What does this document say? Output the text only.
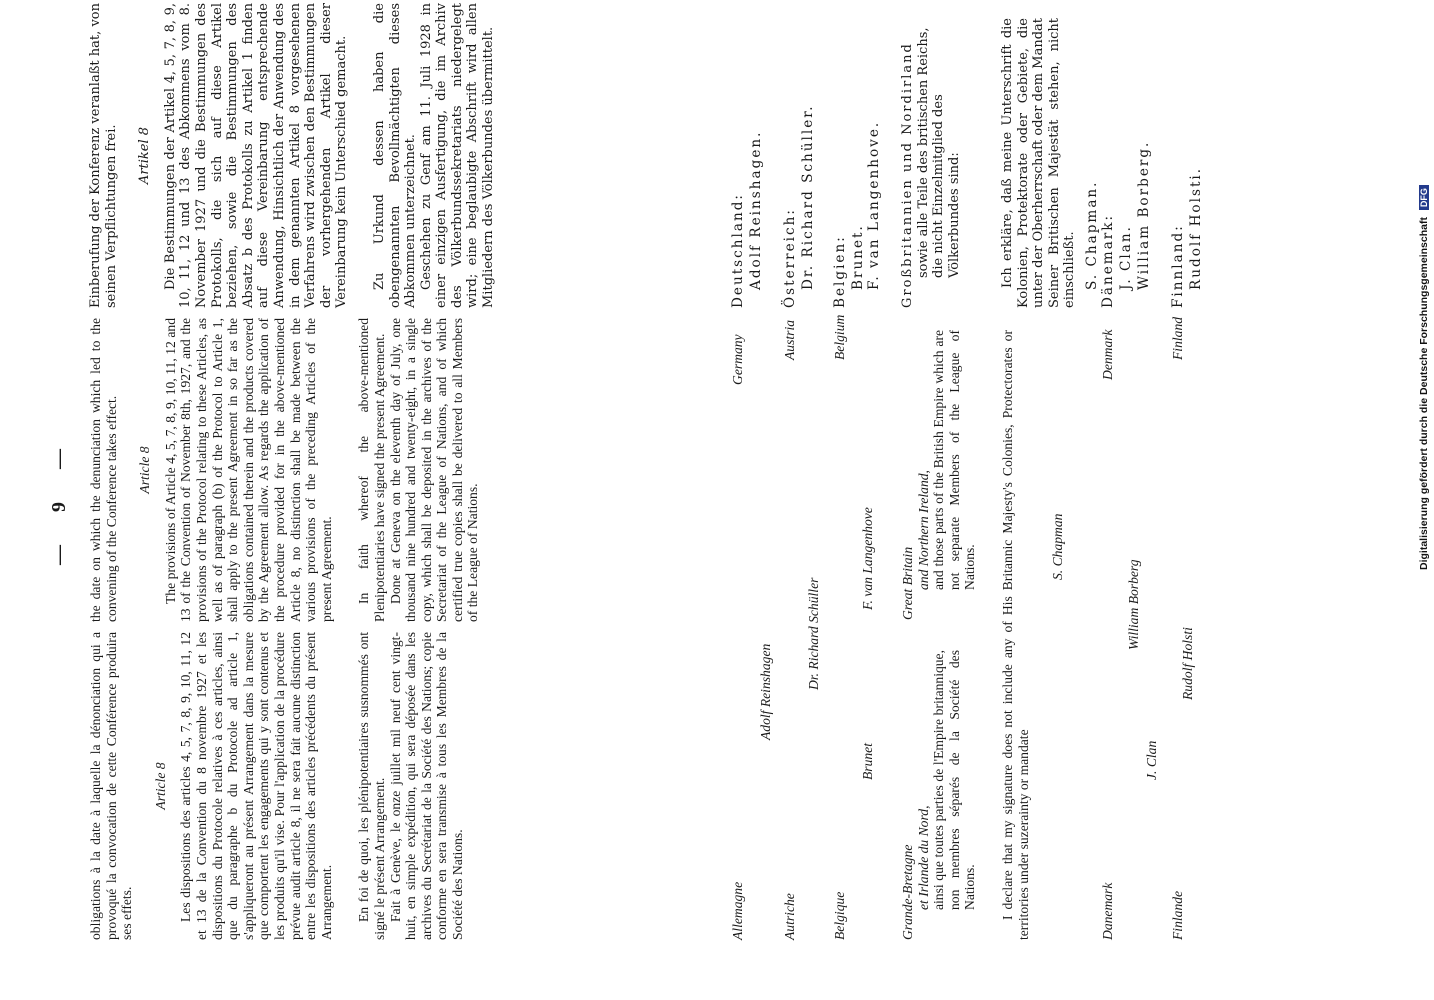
— 9 —

obligations à la date à laquelle la dénonciation qui a provoqué la convocation de cette Conférence produira ses effets.

Article 8 Les dispositions des articles 4, 5, 7, 8, 9, 10, 11, 12 et 13 de la Convention du 8 novembre 1927 et les dispositions du Protocole relatives à ces articles, ainsi que du paragraphe b du Protocole ad article 1, s'appliqueront au présent Arrangement dans la mesure que comportent les engagements qui y sont contenus et les produits qu'il vise. Pour l'application de la procédure prévue audit article 8, il ne sera fait aucune distinction entre les dispositions des articles précédents du présent Arrangement. En foi de quoi, les plénipotentiaires susnommés ont signé le présent Arrangement. Fait à Genève, le onze juillet mil neuf cent vingt-huit, en simple expédition, qui sera déposée dans les archives du Secrétariat de la Société des Nations; copie conforme en sera transmise à tous les Membres de la Société des Nations.

the date on which the denunciation which led to the convening of the Conference takes effect. Article 8 The provisions of Article 4, 5, 7, 8, 9, 10, 11, 12 and 13 of the Convention of November 8th, 1927, and the provisions of the Protocol relating to these Articles, as well as of paragraph (b) of the Protocol to Article 1, shall apply to the present Agreement in so far as the obligations contained therein and the products covered by the Agreement allow. As regards the application of the procedure provided for in the above-mentioned Article 8, no distinction shall be made between the various provisions of the preceding Articles of the present Agreement. In faith whereof the above-mentioned Plenipotentiaries have signed the present Agreement. Done at Geneva on the eleventh day of July, one thousand nine hundred and twenty-eight, in a single copy, which shall be deposited in the archives of the Secretariat of the League of Nations, and of which certified true copies shall be delivered to all Members of the League of Nations.

Einberufung der Konferenz veranlaßt hat, von seinen Verpflichtungen frei. Artikel 8 Die Bestimmungen der Artikel 4, 5, 7, 8, 9, 10, 11, 12 und 13 des Abkommens vom 8. November 1927 und die Bestimmungen des Protokolls, die sich auf diese Artikel beziehen, sowie die Bestimmungen des Absatz b des Protokolls zu Artikel 1 finden auf diese Vereinbarung entsprechende Anwendung, Hinsichtlich der Anwendung des in dem genannten Artikel 8 vorgesehenen Verfahrens wird zwischen den Bestimmungen der vorhergehenden Artikel dieser Vereinbarung kein Unterschied gemacht. Zu Urkund dessen haben die obengenannten Bevollmächtigten dieses Abkommen unterzeichnet. Geschehen zu Genf am 11. Juli 1928 in einer einzigen Ausfertigung, die im Archiv des Völkerbundssekretariats niedergelegt wird; eine beglaubigte Abschrift wird allen Mitgliedern des Völkerbundes übermittelt.

Allemagne
Germany
Adolf Reinshagen
Deutschland: Adolf Reinshagen.
Autriche
Austria
Dr. Richard Schüller
Österreich: Dr. Richard Schüller.
Belgique
Belgium
Brunet
F. van Langenhove
Belgien: Brunet. F. van Langenhove.
Grande-Bretagne et Irlande du Nord, ainsi que toutes parties de l'Empire britannique, non membres séparés de la Société des Nations.
Great Britain and Northern Ireland, and those parts of the British Empire which are not separate Members of the League of Nations.
Großbritannien und Nordirland sowie alle Teile des britischen Reichs, die nicht Einzelmitglied des Völkerbundes sind:
I declare that my signature does not include any of His Britannic Majesty's Colonies, Protectorates or territories under suzerainty or mandate
Ich erkläre, daß meine Unterschrift die Kolonien, Protektorate oder Gebiete, die unter der Oberherrschaft oder dem Mandat Seiner Britischen Majestät stehen, nicht einschließt.
S. Chapman
S. Chapman.
Danemark
Denmark
J. Clan
William Borberg
Dänemark: J. Clan. William Borberg.
Finlande
Finland
Rudolf Holsti
Finnland: Rudolf Holsti.	Digitalisierung gefördert durch die Deutsche Forschungsgemeinschaft DFG
